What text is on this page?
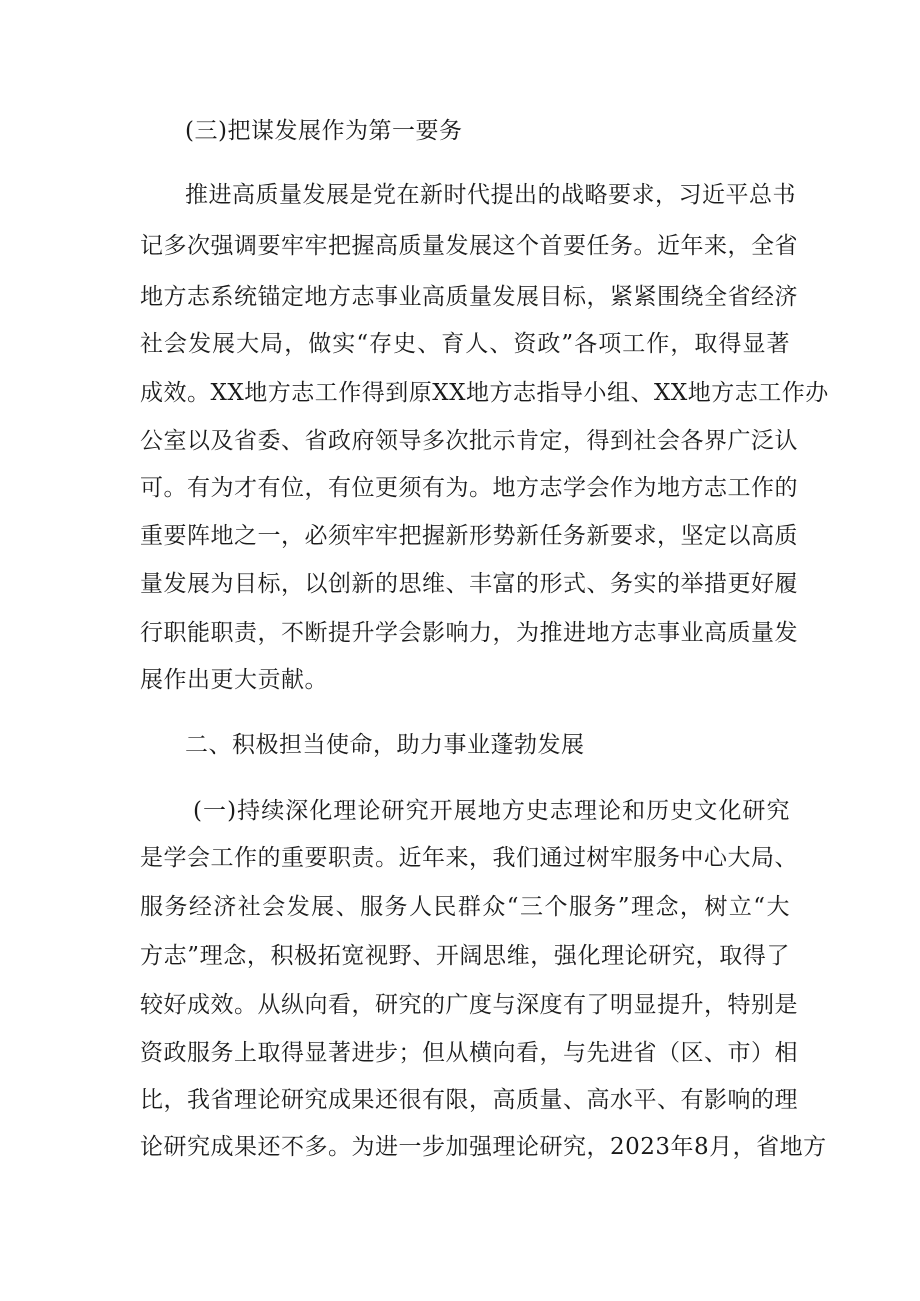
(三)把谋发展作为第一要务
推进高质量发展是党在新时代提出的战略要求，习近平总书
记多次强调要牢牢把握高质量发展这个首要任务。近年来，全省
地方志系统锚定地方志事业高质量发展目标，紧紧围绕全省经济
社会发展大局，做实“存史、育人、资政”各项工作，取得显著
成效。XX地方志工作得到原XX地方志指导小组、XX地方志工作办
公室以及省委、省政府领导多次批示肯定，得到社会各界广泛认
可。有为才有位，有位更须有为。地方志学会作为地方志工作的
重要阵地之一，必须牢牢把握新形势新任务新要求，坚定以高质
量发展为目标，以创新的思维、丰富的形式、务实的举措更好履
行职能职责，不断提升学会影响力，为推进地方志事业高质量发
展作出更大贡献。
二、积极担当使命，助力事业蓬勃发展
(一)持续深化理论研究开展地方史志理论和历史文化研究
是学会工作的重要职责。近年来，我们通过树牢服务中心大局、
服务经济社会发展、服务人民群众“三个服务”理念，树立“大
方志”理念，积极拓宽视野、开阔思维，强化理论研究，取得了
较好成效。从纵向看，研究的广度与深度有了明显提升，特别是
资政服务上取得显著进步；但从横向看，与先进省（区、市）相
比，我省理论研究成果还很有限，高质量、高水平、有影响的理
论研究成果还不多。为进一步加强理论研究，2023年8月，省地方
